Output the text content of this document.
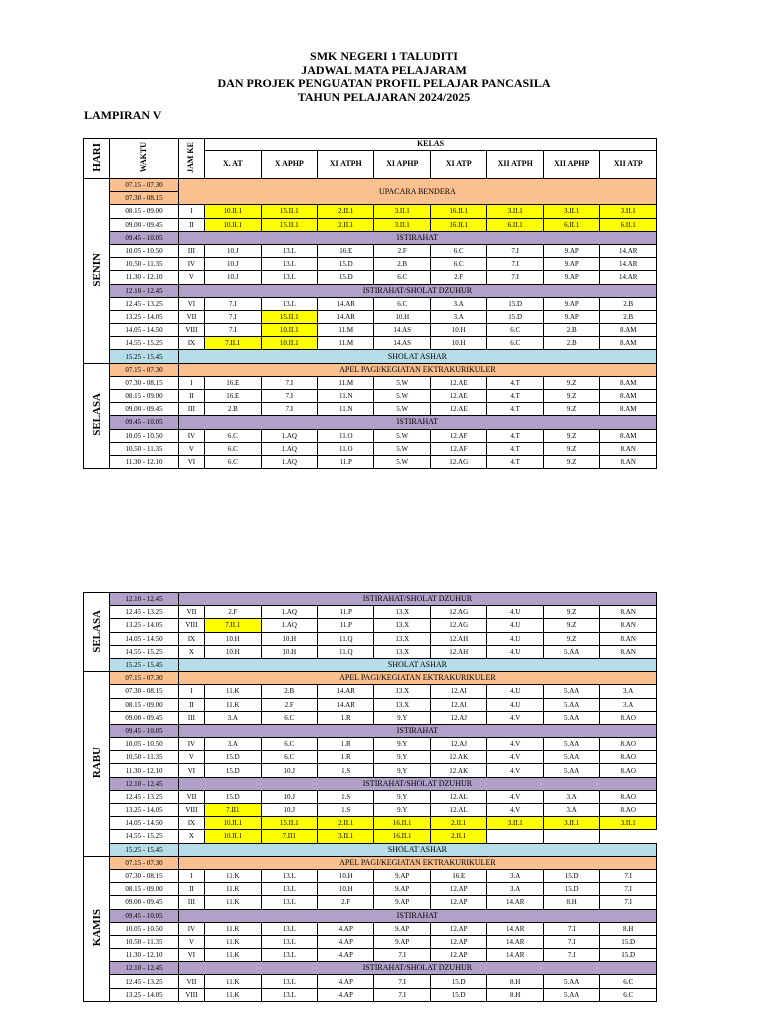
SMK NEGERI 1 TALUDITI
JADWAL MATA PELAJARAM
DAN PROJEK PENGUATAN PROFIL PELAJAR PANCASILA
TAHUN PELAJARAN 2024/2025
LAMPIRAN V
HARI	WAKTU	JAM KE	KELAS							
			X. AT	X APHP	XI ATPH	XI APHP	XI ATP	XII ATPH	XII APHP	XII ATP
SENIN	07.15 - 07.30	UPACARA BENDERA								
	07.30 - 08.15									
	08.15 - 09.00	I	10.II.1	15.II.1	2.II.1	3.II.1	16.II.1	3.II.1	3.II.1	3.II.1
	09.00 - 09.45	II	10.II.1	15.II.1	2.II.1	3.II.1	16.II.1	6.II.1	6.II.1	6.II.1
	09.45 - 10.05	ISTIRAHAT								
	10.05 - 10.50	III	10.J	13.L	16.E	2.F	6.C	7.I	9.AP	14.AR
	10.50 - 11.35	IV	10.J	13.L	15.D	2.B	6.C	7.I	9.AP	14.AR
	11.30 - 12.10	V	10.J	13.L	15.D	6.C	2.F	7.I	9.AP	14.AR
	12.10 - 12.45	ISTIRAHAT/SHOLAT DZUHUR								
	12.45 - 13.25	VI	7.I	13.L	14.AR	6.C	3.A	15.D	9.AP	2.B
	13.25 - 14.05	VII	7.I	15.II.1	14.AR	10.H	3.A	15.D	9.AP	2.B
	14.05 - 14.50	VIII	7.I	10.II.1	11.M	14.AS	10.H	6.C	2.B	8.AM
	14.55 - 15.25	IX	7.II.1	10.II.1	11.M	14.AS	10.H	6.C	2.B	8.AM
	15.25 - 15.45	SHOLAT ASHAR								
SELASA	07.15 - 07.30	APEL PAGI/KEGIATAN EKTRAKURIKULER								
	07.30 - 08.15	I	16.E	7.I	11.M	5.W	12.AE	4.T	9.Z	8.AM
	08.15 - 09.00	II	16.E	7.I	11.N	5.W	12.AE	4.T	9.Z	8.AM
	09.00 - 09.45	III	2.B	7.I	11.N	5.W	12.AE	4.T	9.Z	8.AM
	09.45 - 10.05	ISTIRAHAT								
	10.05 - 10.50	IV	6.C	1.AQ	11.O	5.W	12.AF	4.T	9.Z	8.AM
	10.50 - 11.35	V	6.C	1.AQ	11.O	5.W	12.AF	4.T	9.Z	8.AN
	11.30 - 12.10	VI	6.C	1.AQ	11.P	5.W	12.AG	4.T	9.Z	8.AN
SELASA	12.10 - 12.45	ISTIRAHAT/SHOLAT DZUHUR								
	12.45 - 13.25	VII	2.F	1.AQ	11.P	13.X	12.AG	4.U	9.Z	8.AN
	13.25 - 14.05	VIII	7.II.1	1.AQ	11.P	13.X	12.AG	4.U	9.Z	8.AN
	14.05 - 14.50	IX	10.H	10.H	11.Q	13.X	12.AH	4.U	9.Z	8.AN
	14.55 - 15.25	X	10.H	10.H	11.Q	13.X	12.AH	4.U	5.AA	8.AN
	15.25 - 15.45	SHOLAT ASHAR								
RABU	07.15 - 07.30	APEL PAGI/KEGIATAN EKTRAKURIKULER								
	07.30 - 08.15	I	11.K	2.B	14.AR	13.X	12.AI	4.U	5.AA	3.A
	08.15 - 09.00	II	11.K	2.F	14.AR	13.X	12.AI	4.U	5.AA	3.A
	09.00 - 09.45	III	3.A	6.C	1.R	9.Y	12.AJ	4.V	5.AA	8.AO
	09.45 - 10.05	ISTIRAHAT								
	10.05 - 10.50	IV	3.A	6.C	1.R	9.Y	12.AJ	4.V	5.AA	8.AO
	10.50 - 11.35	V	15.D	6.C	1.R	9.Y	12.AK	4.V	5.AA	8.AO
	11.30 - 12.10	VI	15.D	10.J	1.S	9.Y	12.AK	4.V	5.AA	8.AO
	12.10 - 12.45	ISTIRAHAT/SHOLAT DZUHUR								
	12.45 - 13.25	VII	15.D	10.J	1.S	9.Y	12.AL	4.V	3.A	8.AO
	13.25 - 14.05	VIII	7.II1	10.J	1.S	9.Y	12.AL	4.V	3.A	8.AO
	14.05 - 14.50	IX	10.II.1	15.II.1	2.II.1	16.II.1	2.II.1	3.II.1	3.II.1	3.II.1
	14.55 - 15.25	X	10.II.1	7.II1	3.II.1	16.II.1	2.II.1			
	15.25 - 15.45	SHOLAT ASHAR								
KAMIS	07.15 - 07.30	APEL PAGI/KEGIATAN EKTRAKURIKULER								
	07.30 - 08.15	I	11.K	13.L	10.H	9.AP	16.E	3.A	15.D	7.I
	08.15 - 09.00	II	11.K	13.L	10.H	9.AP	12.AP	3.A	15.D	7.I
	09.00 - 09.45	III	11.K	13.L	2.F	9.AP	12.AP	14.AR	8.H	7.I
	09.45 - 10.05	ISTIRAHAT								
	10.05 - 10.50	IV	11.K	13.L	4.AP	9.AP	12.AP	14.AR	7.I	8.H
	10.50 - 11.35	V	11.K	13.L	4.AP	9.AP	12.AP	14.AR	7.I	15.D
	11.30 - 12.10	VI	11.K	13.L	4.AP	7.I	12.AP	14.AR	7.I	15.D
	12.10 - 12.45	ISTIRAHAT/SHOLAT DZUHUR								
	12.45 - 13.25	VII	11.K	13.L	4.AP	7.I	15.D	8.H	5.AA	6.C
	13.25 - 14.05	VIII	11.K	13.L	4.AP	7.I	15.D	8.H	5.AA	6.C
